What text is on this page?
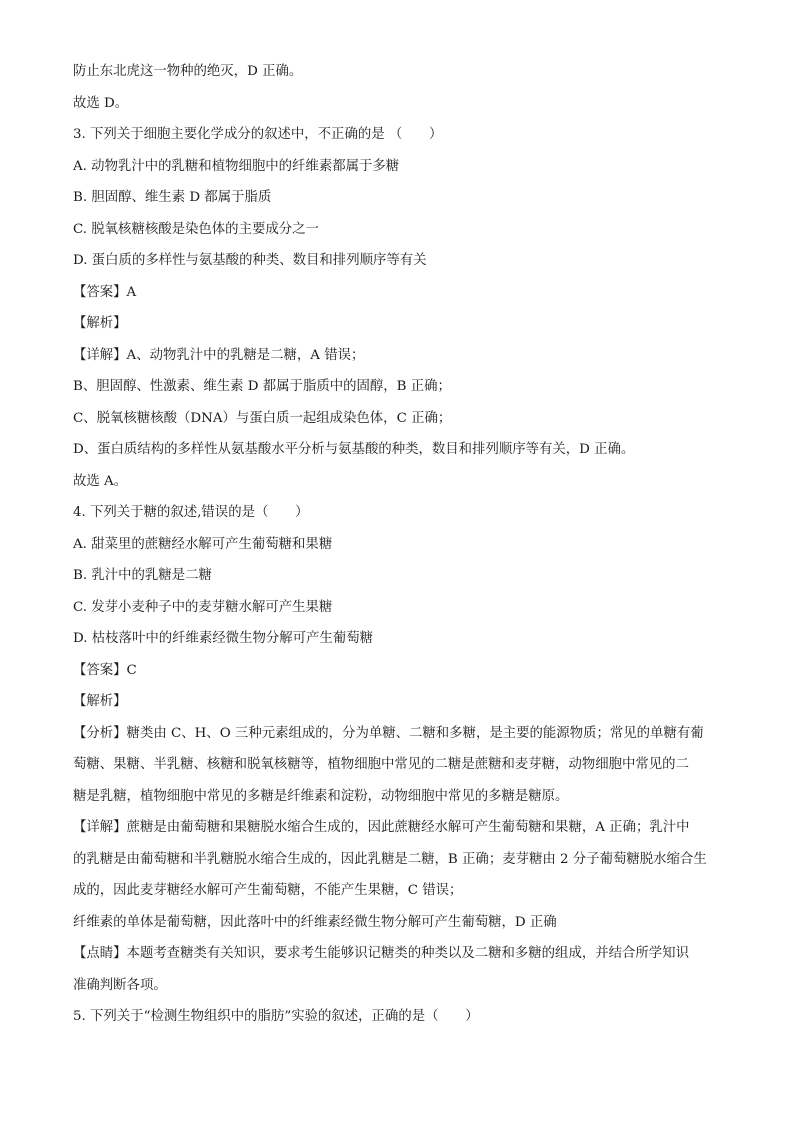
防止东北虎这一物种的绝灭，D 正确。
故选 D。
3. 下列关于细胞主要化学成分的叙述中，不正确的是 （　　）
A. 动物乳汁中的乳糖和植物细胞中的纤维素都属于多糖
B. 胆固醇、维生素 D 都属于脂质
C. 脱氧核糖核酸是染色体的主要成分之一
D. 蛋白质的多样性与氨基酸的种类、数目和排列顺序等有关
【答案】A
【解析】
【详解】A、动物乳汁中的乳糖是二糖，A 错误；
B、胆固醇、性激素、维生素 D 都属于脂质中的固醇，B 正确；
C、脱氧核糖核酸（DNA）与蛋白质一起组成染色体，C 正确；
D、蛋白质结构的多样性从氨基酸水平分析与氨基酸的种类，数目和排列顺序等有关，D 正确。
故选 A。
4. 下列关于糖的叙述,错误的是（　　）
A. 甜菜里的蔗糖经水解可产生葡萄糖和果糖
B. 乳汁中的乳糖是二糖
C. 发芽小麦种子中的麦芽糖水解可产生果糖
D. 枯枝落叶中的纤维素经微生物分解可产生葡萄糖
【答案】C
【解析】
【分析】糖类由 C、H、O 三种元素组成的，分为单糖、二糖和多糖，是主要的能源物质；常见的单糖有葡
萄糖、果糖、半乳糖、核糖和脱氧核糖等，植物细胞中常见的二糖是蔗糖和麦芽糖，动物细胞中常见的二
糖是乳糖，植物细胞中常见的多糖是纤维素和淀粉，动物细胞中常见的多糖是糖原。
【详解】蔗糖是由葡萄糖和果糖脱水缩合生成的，因此蔗糖经水解可产生葡萄糖和果糖，A 正确；乳汁中
的乳糖是由葡萄糖和半乳糖脱水缩合生成的，因此乳糖是二糖，B 正确；麦芽糖由 2 分子葡萄糖脱水缩合生
成的，因此麦芽糖经水解可产生葡萄糖，不能产生果糖，C 错误；
纤维素的单体是葡萄糖，因此落叶中的纤维素经微生物分解可产生葡萄糖，D 正确
【点睛】本题考查糖类有关知识，要求考生能够识记糖类的种类以及二糖和多糖的组成，并结合所学知识
准确判断各项。
5. 下列关于“检测生物组织中的脂肪”实验的叙述，正确的是（　　）
